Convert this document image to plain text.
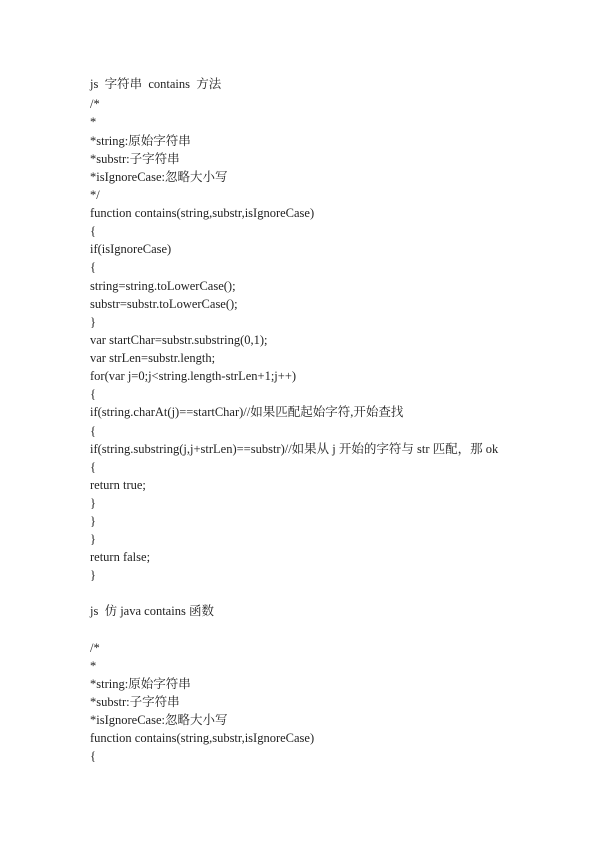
js  字符串  contains  方法
/*
*
*string:原始字符串
*substr:子字符串
*isIgnoreCase:忽略大小写
*/
function contains(string,substr,isIgnoreCase)
{
if(isIgnoreCase)
{
string=string.toLowerCase();
substr=substr.toLowerCase();
}
var startChar=substr.substring(0,1);
var strLen=substr.length;
for(var j=0;j<string.length-strLen+1;j++)
{
if(string.charAt(j)==startChar)//如果匹配起始字符,开始查找
{
if(string.substring(j,j+strLen)==substr)//如果从 j 开始的字符与 str 匹配，那 ok
{
return true;
}
}
}
return false;
}
js  仿 java contains 函数
/*
*
*string:原始字符串
*substr:子字符串
*isIgnoreCase:忽略大小写
function contains(string,substr,isIgnoreCase)
{
